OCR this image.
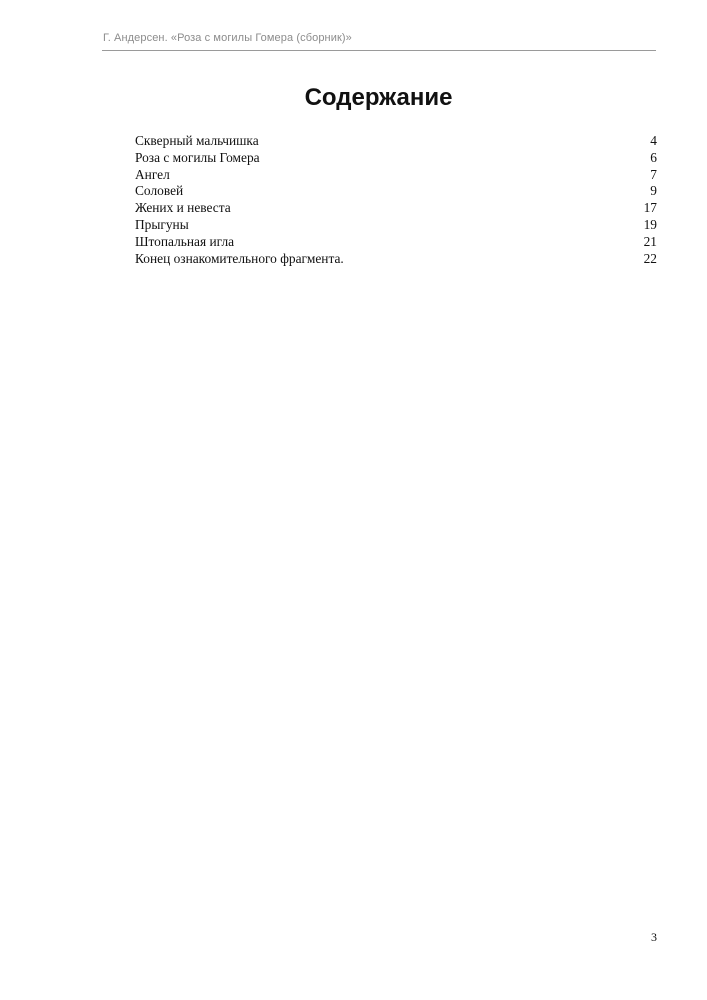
Г. Андерсен. «Роза с могилы Гомера (сборник)»
Содержание
Скверный мальчишка	4
Роза с могилы Гомера	6
Ангел	7
Соловей	9
Жених и невеста	17
Прыгуны	19
Штопальная игла	21
Конец ознакомительного фрагмента.	22
3
